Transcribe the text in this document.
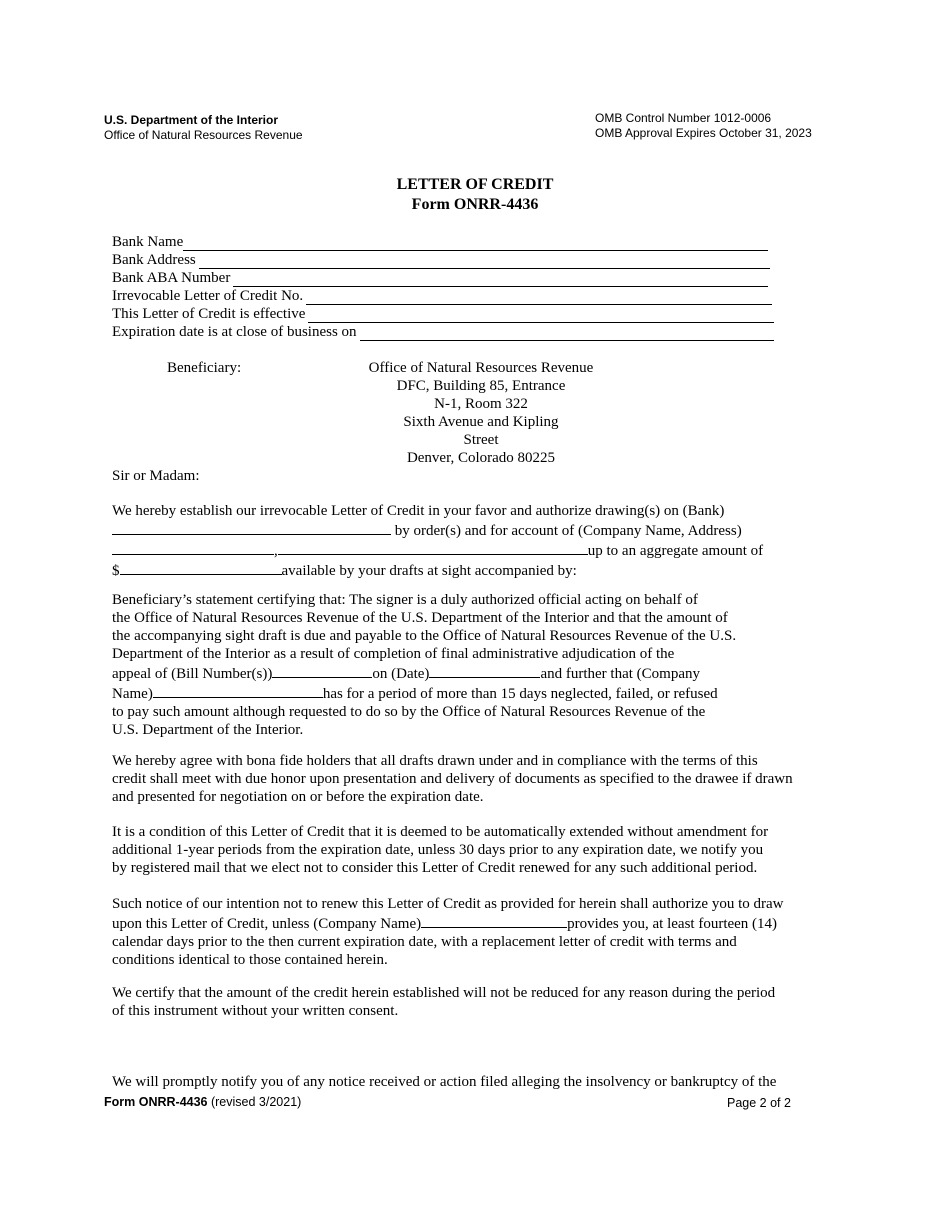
U.S. Department of the Interior
Office of Natural Resources Revenue
OMB Control Number 1012-0006
OMB Approval Expires October 31, 2023
LETTER OF CREDIT
Form ONRR-4436
Bank Name
Bank Address
Bank ABA Number
Irrevocable Letter of Credit No.
This Letter of Credit is effective
Expiration date is at close of business on
Beneficiary:	Office of Natural Resources Revenue
DFC, Building 85, Entrance
N-1, Room 322
Sixth Avenue and Kipling
Street
Denver, Colorado 80225
Sir or Madam:
We hereby establish our irrevocable Letter of Credit in your favor and authorize drawing(s) on (Bank)
by order(s) and for account of (Company Name, Address)
,	up to an aggregate amount of
$	available by your drafts at sight accompanied by:
Beneficiary’s statement certifying that: The signer is a duly authorized official acting on behalf of
the Office of Natural Resources Revenue of the U.S. Department of the Interior and that the amount of
the accompanying sight draft is due and payable to the Office of Natural Resources Revenue of the U.S.
Department of the Interior as a result of completion of final administrative adjudication of the
appeal of (Bill Number(s))	on (Date)	and further that (Company
Name)	has for a period of more than 15 days neglected, failed, or refused
to pay such amount although requested to do so by the Office of Natural Resources Revenue of the
U.S. Department of the Interior.
We hereby agree with bona fide holders that all drafts drawn under and in compliance with the terms of this
credit shall meet with due honor upon presentation and delivery of documents as specified to the drawee if drawn
and presented for negotiation on or before the expiration date.
It is a condition of this Letter of Credit that it is deemed to be automatically extended without amendment for
additional 1-year periods from the expiration date, unless 30 days prior to any expiration date, we notify you
by registered mail that we elect not to consider this Letter of Credit renewed for any such additional period.
Such notice of our intention not to renew this Letter of Credit as provided for herein shall authorize you to draw
upon this Letter of Credit, unless (Company Name)	provides you, at least fourteen (14)
calendar days prior to the then current expiration date, with a replacement letter of credit with terms and
conditions identical to those contained herein.
We certify that the amount of the credit herein established will not be reduced for any reason during the period
of this instrument without your written consent.
We will promptly notify you of any notice received or action filed alleging the insolvency or bankruptcy of the
Form ONRR-4436 (revised 3/2021)	Page 2 of 2
